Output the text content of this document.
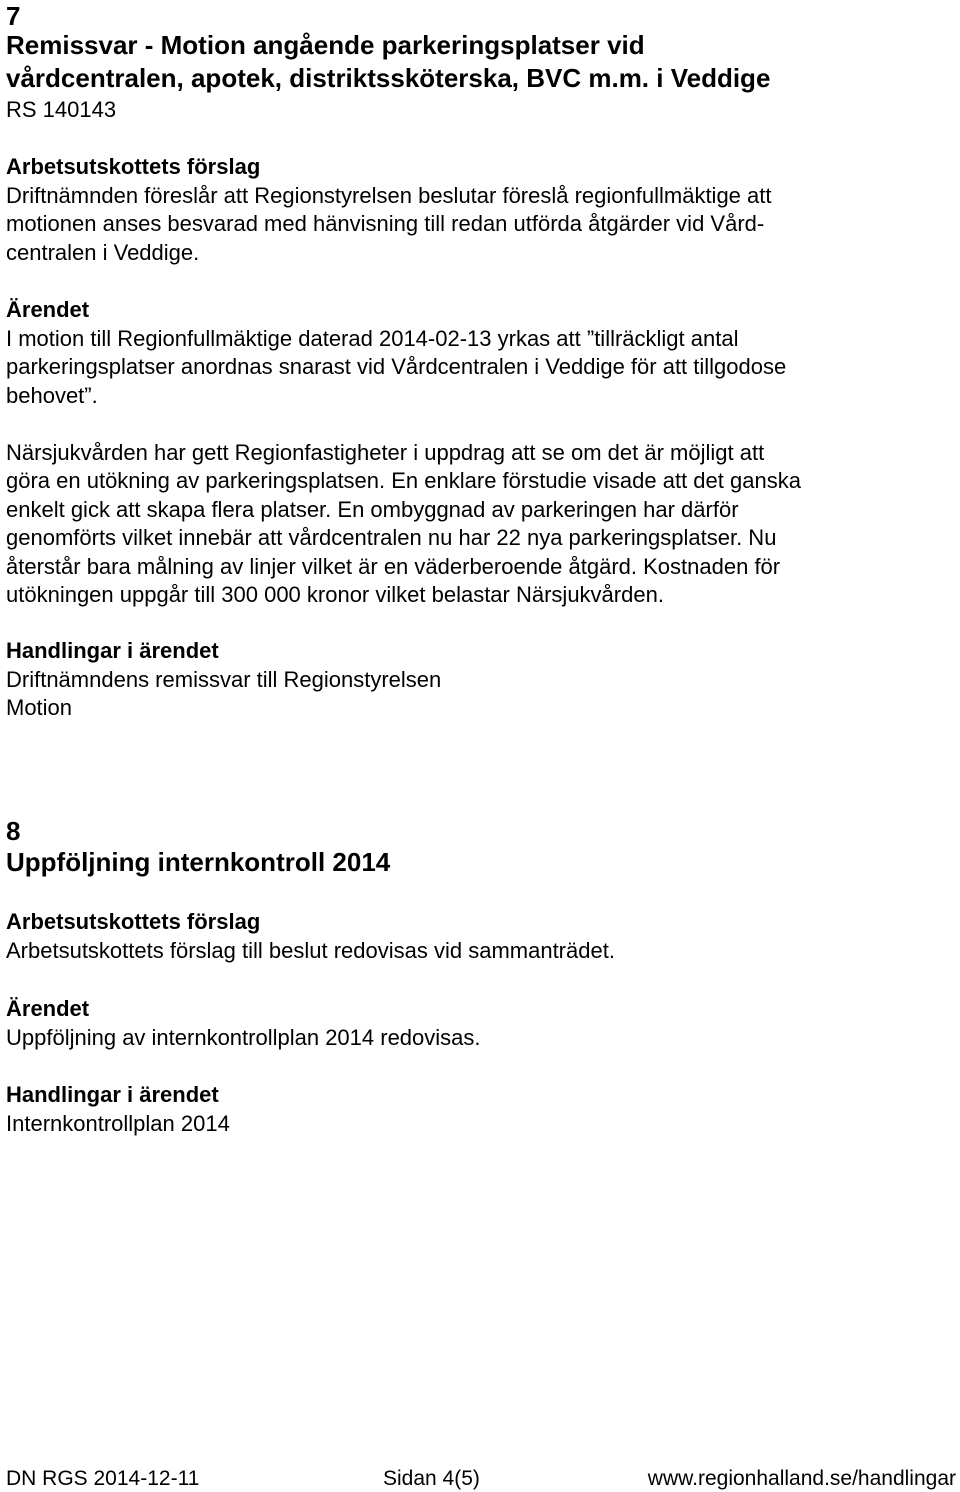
7
Remissvar - Motion angående parkeringsplatser vid
vårdcentralen, apotek, distriktssköterska, BVC m.m. i Veddige
RS 140143
Arbetsutskottets förslag
Driftnämnden föreslår att Regionstyrelsen beslutar föreslå regionfullmäktige att
motionen anses besvarad med hänvisning till redan utförda åtgärder vid Vård-
centralen i Veddige.
Ärendet
I motion till Regionfullmäktige daterad 2014-02-13 yrkas att ”tillräckligt antal
parkeringsplatser anordnas snarast vid Vårdcentralen i Veddige för att tillgodose
behovet”.
Närsjukvården har gett Regionfastigheter i uppdrag att se om det är möjligt att
göra en utökning av parkeringsplatsen. En enklare förstudie visade att det ganska
enkelt gick att skapa flera platser. En ombyggnad av parkeringen har därför
genomförts vilket innebär att vårdcentralen nu har 22 nya parkeringsplatser. Nu
återstår bara målning av linjer vilket är en väderberoende åtgärd. Kostnaden för
utökningen uppgår till 300 000 kronor vilket belastar Närsjukvården.
Handlingar i ärendet
Driftnämndens remissvar till Regionstyrelsen
Motion
8
Uppföljning internkontroll 2014
Arbetsutskottets förslag
Arbetsutskottets förslag till beslut redovisas vid sammanträdet.
Ärendet
Uppföljning av internkontrollplan 2014 redovisas.
Handlingar i ärendet
Internkontrollplan 2014
DN RGS 2014-12-11	Sidan 4(5)	www.regionhalland.se/handlingar
